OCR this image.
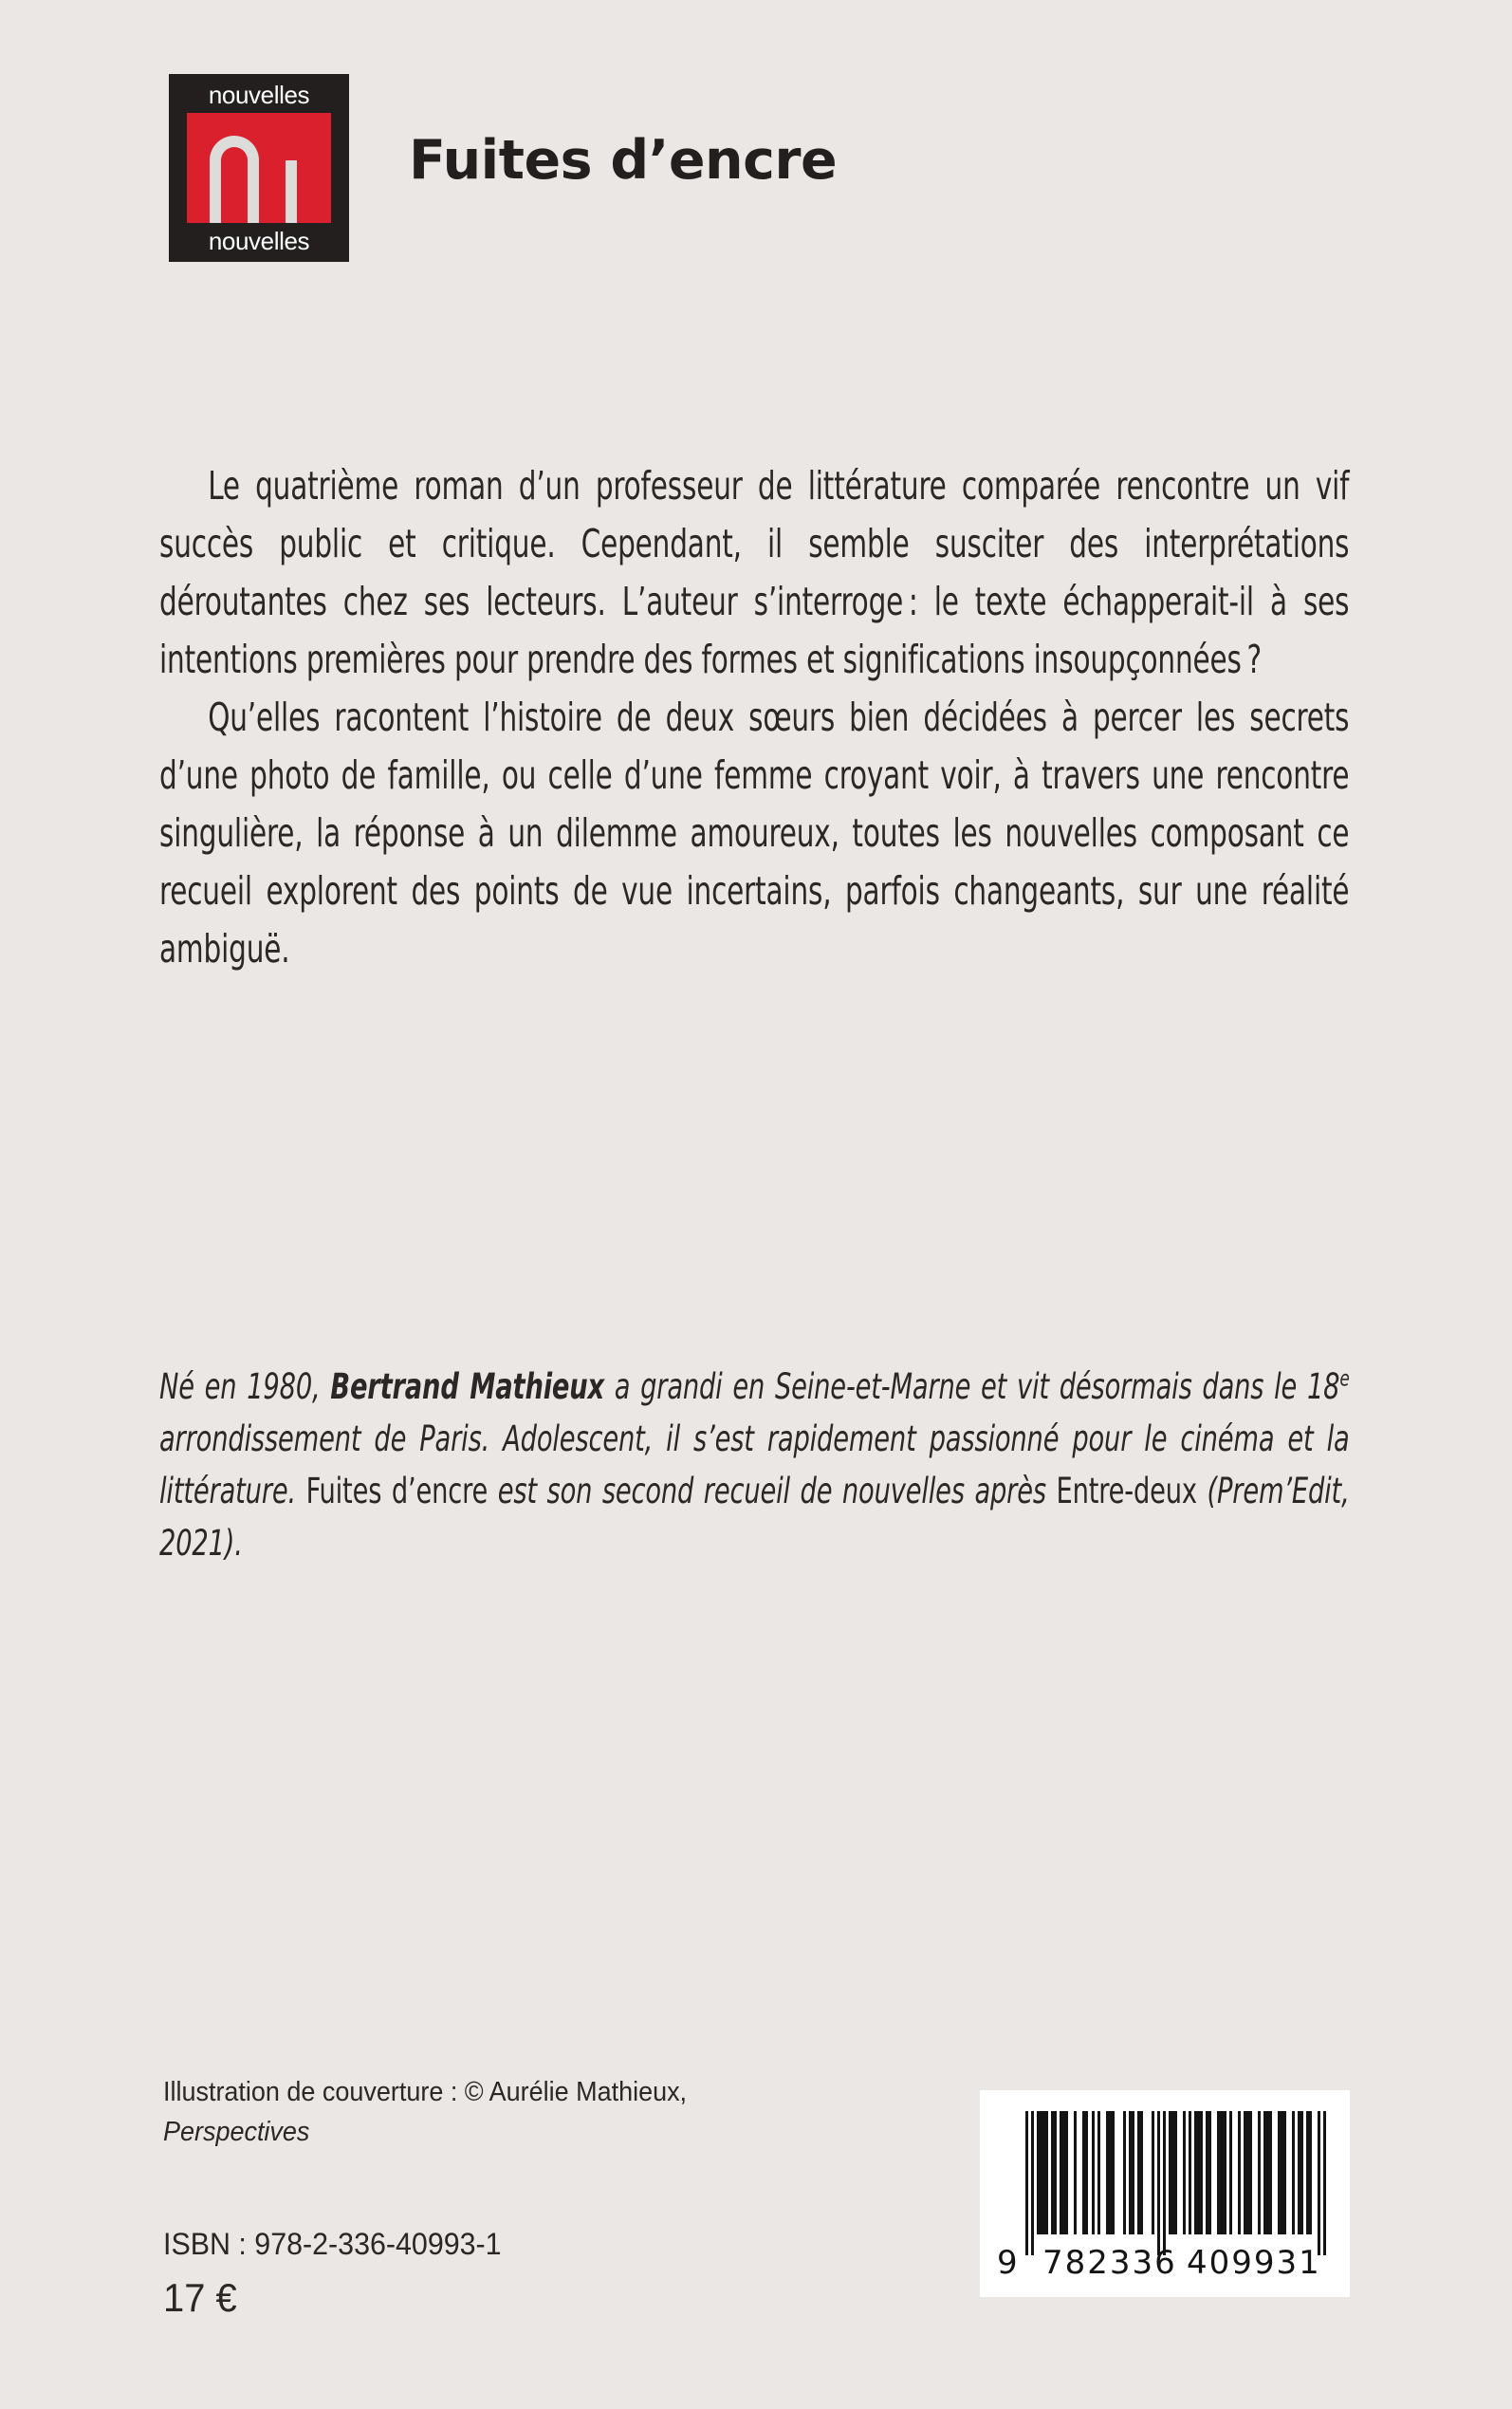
nouvelles
nouvelles
Fuites d’encre

Le quatrième roman d’un professeur de littérature comparée rencontre un vif succès public et critique. Cependant, il semble susciter des interprétations déroutantes chez ses lecteurs. L’auteur s’interroge : le texte échapperait-il à ses intentions premières pour prendre des formes et significations insoupçonnées ?

Qu’elles racontent l’histoire de deux sœurs bien décidées à percer les secrets d’une photo de famille, ou celle d’une femme croyant voir, à travers une rencontre singulière, la réponse à un dilemme amoureux, toutes les nouvelles composant ce recueil explorent des points de vue incertains, parfois changeants, sur une réalité ambiguë.

Né en 1980, Bertrand Mathieux a grandi en Seine-et-Marne et vit désormais dans le 18e arrondissement de Paris. Adolescent, il s’est rapidement passionné pour le cinéma et la littérature. Fuites d’encre est son second recueil de nouvelles après Entre-deux (Prem’Edit, 2021).

Illustration de couverture : © Aurélie Mathieux,
Perspectives
ISBN : 978-2-336-40993-1
17 €
9 782336 409931
